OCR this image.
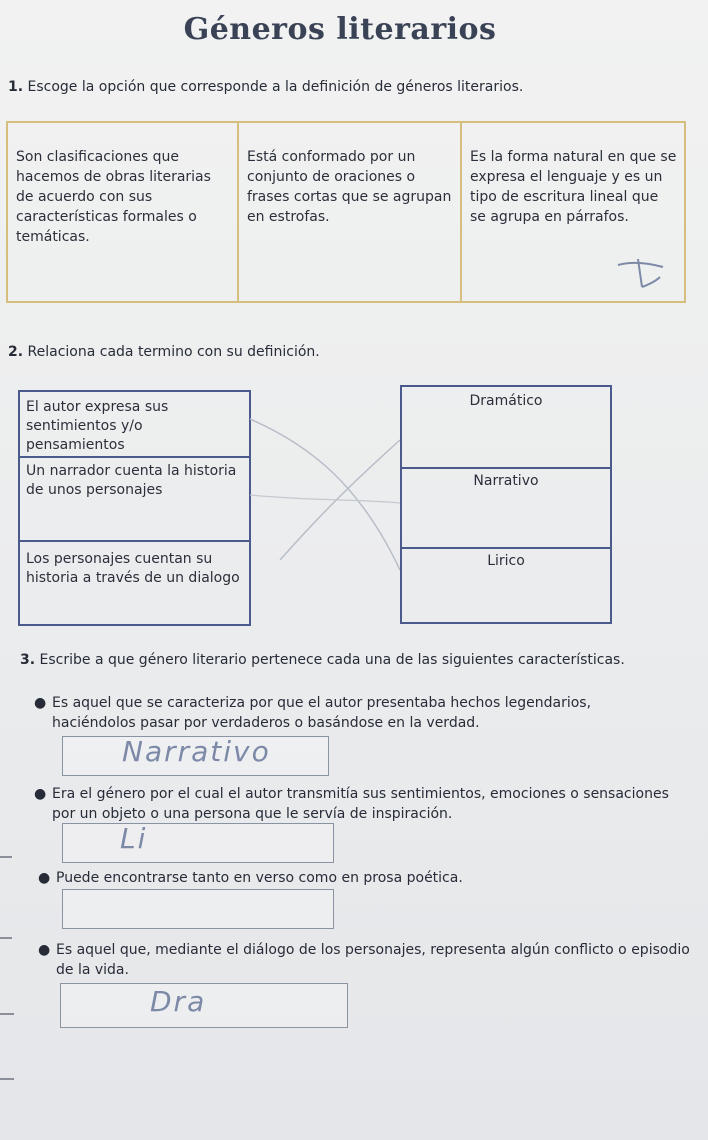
Géneros literarios
1. Escoge la opción que corresponde a la definición de géneros literarios.
Son clasificaciones que hacemos de obras literarias de acuerdo con sus características formales o temáticas.
Está conformado por un conjunto de oraciones o frases cortas que se agrupan en estrofas.
Es la forma natural en que se expresa el lenguaje y es un tipo de escritura lineal que se agrupa en párrafos.
2. Relaciona cada termino con su definición.
El autor expresa sus sentimientos y/o pensamientos
Un narrador cuenta la historia de unos personajes
Los personajes cuentan su historia a través de un dialogo
Dramático
Narrativo
Lirico
3. Escribe a que género literario pertenece cada una de las siguientes características.
● Es aquel que se caracteriza por que el autor presentaba hechos legendarios, haciéndolos pasar por verdaderos o basándose en la verdad.
Narrativo
● Era el género por el cual el autor transmitía sus sentimientos, emociones o sensaciones por un objeto o una persona que le servía de inspiración.
Li
● Puede encontrarse tanto en verso como en prosa poética.
● Es aquel que, mediante el diálogo de los personajes, representa algún conflicto o episodio de la vida.
Dra
